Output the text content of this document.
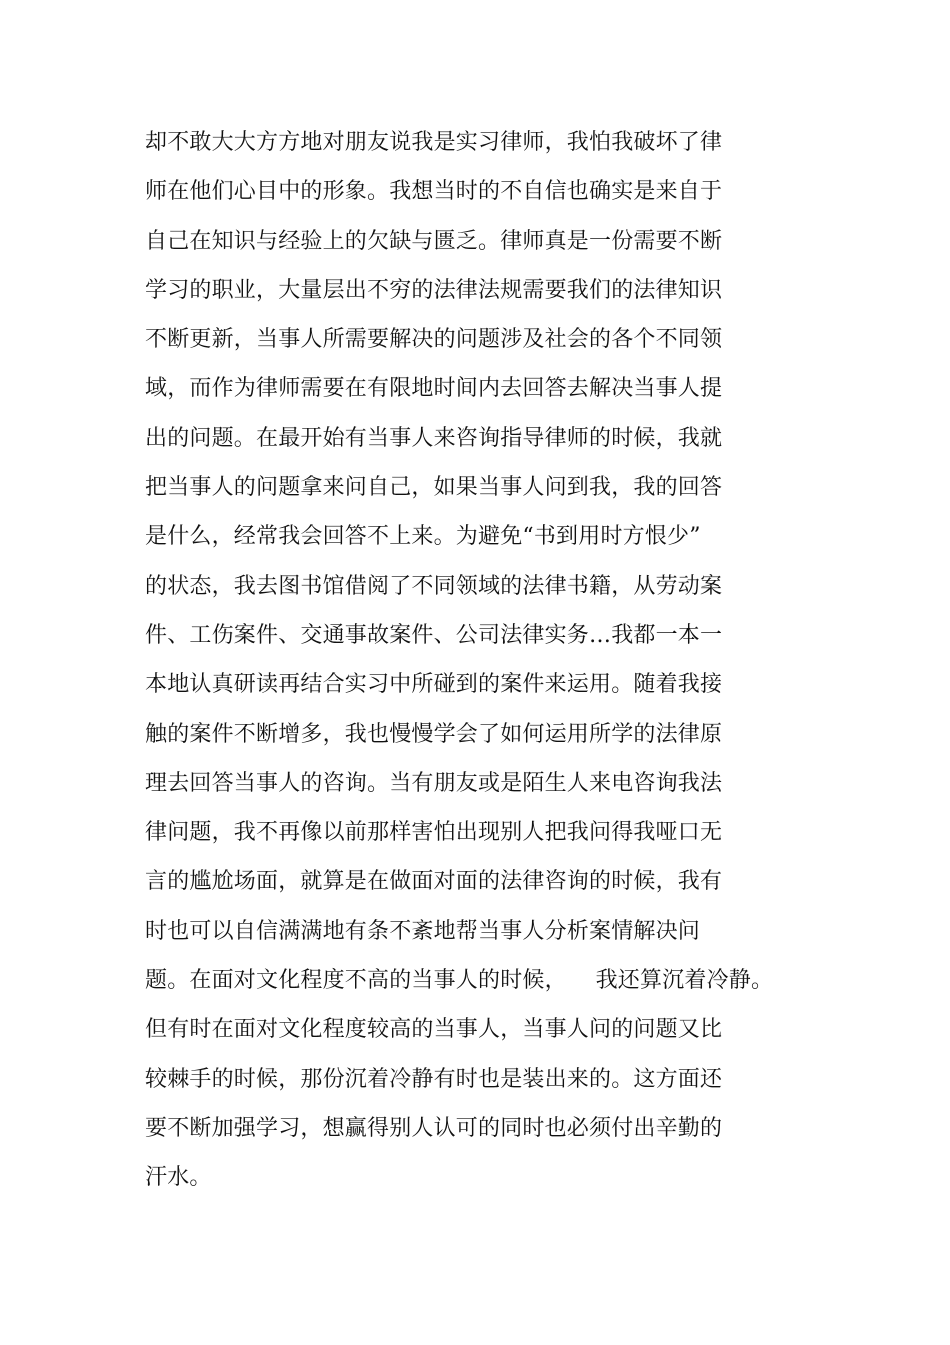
却不敢大大方方地对朋友说我是实习律师，我怕我破坏了律
师在他们心目中的形象。我想当时的不自信也确实是来自于
自己在知识与经验上的欠缺与匮乏。律师真是一份需要不断
学习的职业，大量层出不穷的法律法规需要我们的法律知识
不断更新，当事人所需要解决的问题涉及社会的各个不同领
域，而作为律师需要在有限地时间内去回答去解决当事人提
出的问题。在最开始有当事人来咨询指导律师的时候，我就
把当事人的问题拿来问自己，如果当事人问到我，我的回答
是什么，经常我会回答不上来。为避免“书到用时方恨少”
的状态，我去图书馆借阅了不同领域的法律书籍，从劳动案
件、工伤案件、交通事故案件、公司法律实务…我都一本一
本地认真研读再结合实习中所碰到的案件来运用。随着我接
触的案件不断增多，我也慢慢学会了如何运用所学的法律原
理去回答当事人的咨询。当有朋友或是陌生人来电咨询我法
律问题，我不再像以前那样害怕出现别人把我问得我哑口无
言的尴尬场面，就算是在做面对面的法律咨询的时候，我有
时也可以自信满满地有条不紊地帮当事人分析案情解决问
题。在面对文化程度不高的当事人的时候，    我还算沉着冷静。
但有时在面对文化程度较高的当事人，当事人问的问题又比
较棘手的时候，那份沉着冷静有时也是装出来的。这方面还
要不断加强学习，想赢得别人认可的同时也必须付出辛勤的
汗水。
